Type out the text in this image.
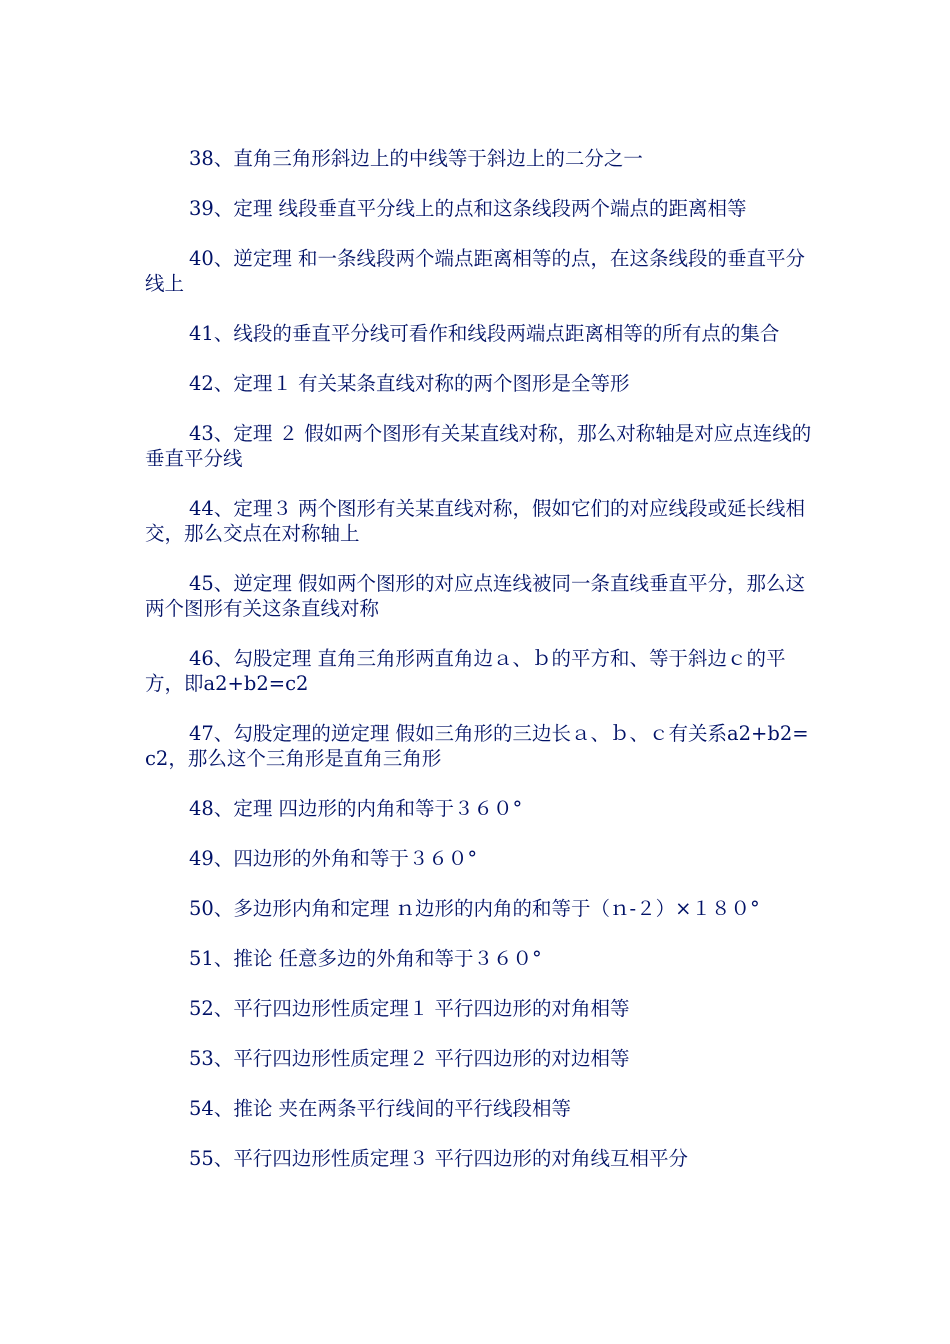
38、直角三角形斜边上的中线等于斜边上的二分之一

39、定理 线段垂直平分线上的点和这条线段两个端点的距离相等

40、逆定理 和一条线段两个端点距离相等的点，在这条线段的垂直平分线上

41、线段的垂直平分线可看作和线段两端点距离相等的所有点的集合

42、定理１ 有关某条直线对称的两个图形是全等形

43、定理 ２ 假如两个图形有关某直线对称，那么对称轴是对应点连线的垂直平分线

44、定理３ 两个图形有关某直线对称，假如它们的对应线段或延长线相交，那么交点在对称轴上

45、逆定理 假如两个图形的对应点连线被同一条直线垂直平分，那么这两个图形有关这条直线对称

46、勾股定理 直角三角形两直角边ａ、ｂ的平方和、等于斜边ｃ的平方，即a2+b2=c2

47、勾股定理的逆定理 假如三角形的三边长ａ、ｂ、ｃ有关系a2+b2=c2，那么这个三角形是直角三角形

48、定理 四边形的内角和等于３６０°

49、四边形的外角和等于３６０°

50、多边形内角和定理 ｎ边形的内角的和等于（ｎ-２）×１８０°

51、推论 任意多边的外角和等于３６０°

52、平行四边形性质定理１ 平行四边形的对角相等

53、平行四边形性质定理２ 平行四边形的对边相等

54、推论 夹在两条平行线间的平行线段相等

55、平行四边形性质定理３ 平行四边形的对角线互相平分
